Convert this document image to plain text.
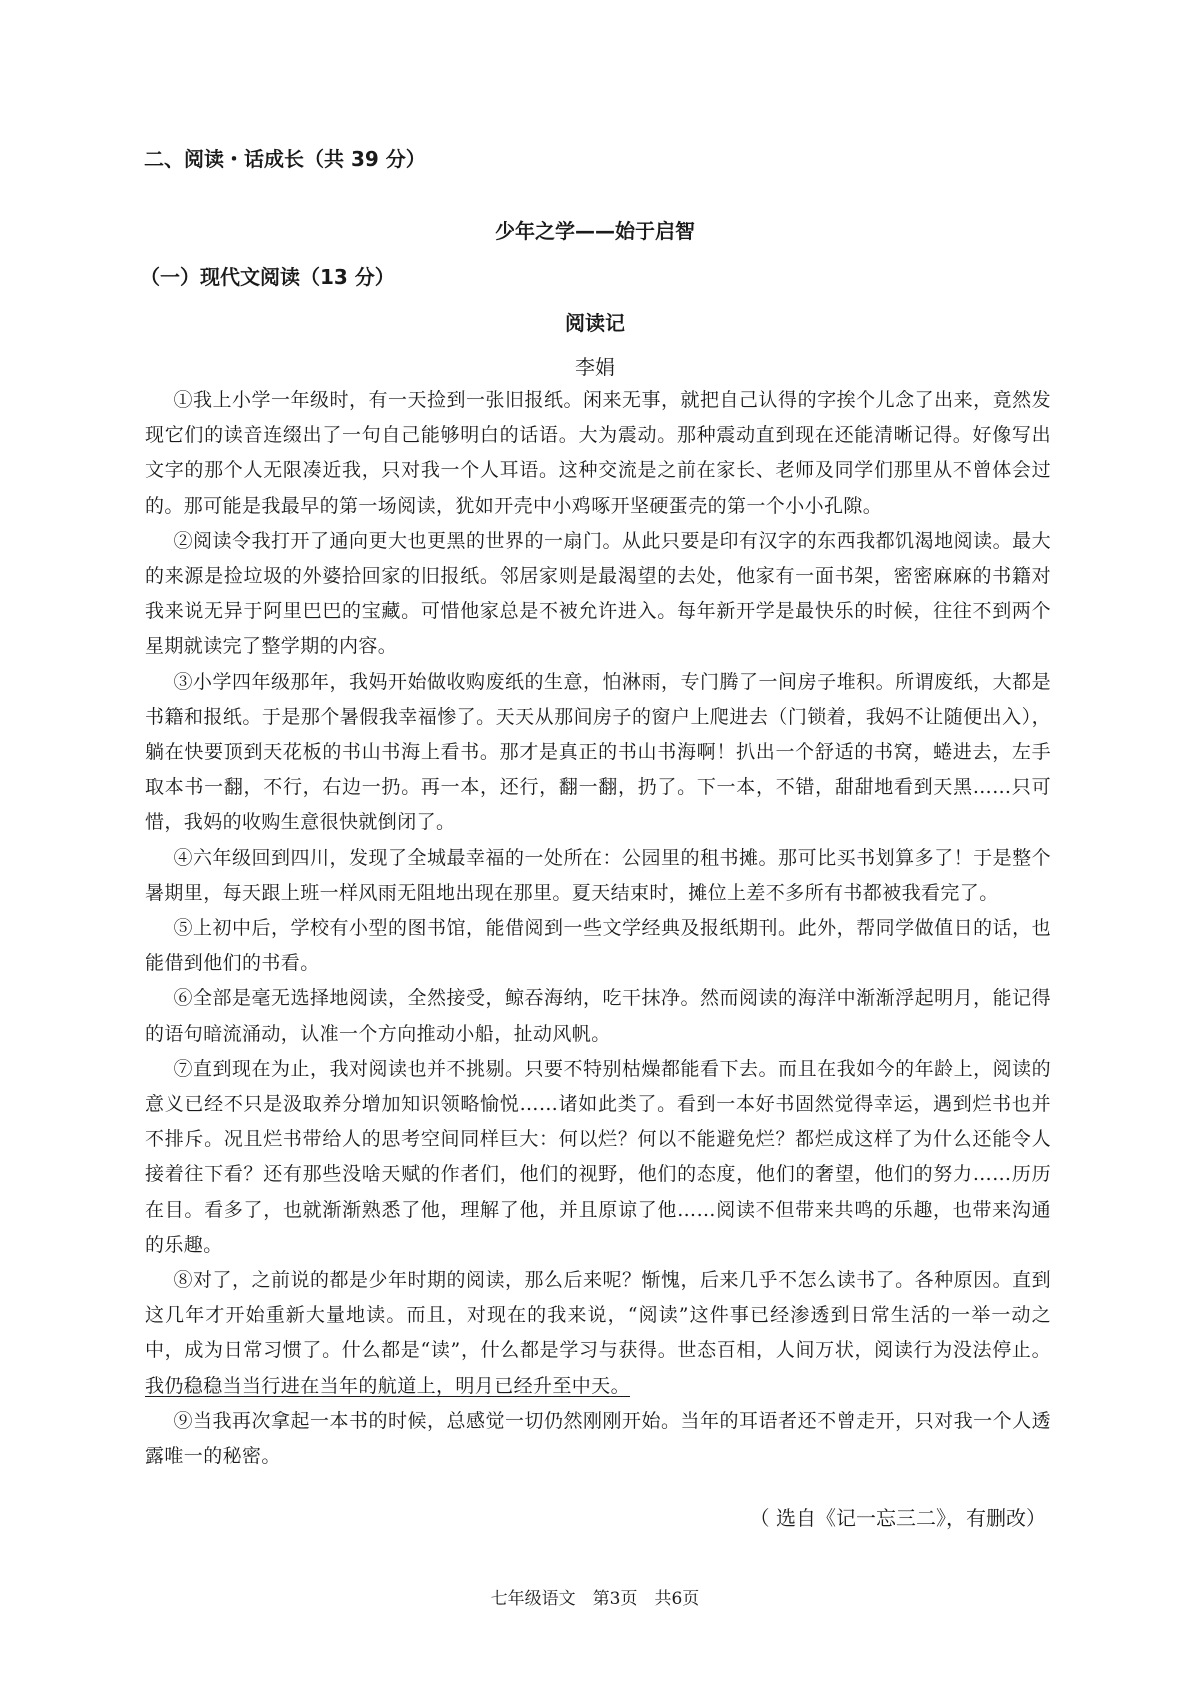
二、阅读・话成长（共 39 分）
少年之学——始于启智
（一）现代文阅读（13 分）
阅读记

李娟

①我上小学一年级时，有一天捡到一张旧报纸。闲来无事，就把自己认得的字挨个儿念了出来，竟然发现它们的读音连缀出了一句自己能够明白的话语。大为震动。那种震动直到现在还能清晰记得。好像写出文字的那个人无限凑近我，只对我一个人耳语。这种交流是之前在家长、老师及同学们那里从不曾体会过的。那可能是我最早的第一场阅读，犹如开壳中小鸡啄开坚硬蛋壳的第一个小小孔隙。

②阅读令我打开了通向更大也更黑的世界的一扇门。从此只要是印有汉字的东西我都饥渴地阅读。最大的来源是捡垃圾的外婆拾回家的旧报纸。邻居家则是最渴望的去处，他家有一面书架，密密麻麻的书籍对我来说无异于阿里巴巴的宝藏。可惜他家总是不被允许进入。每年新开学是最快乐的时候，往往不到两个星期就读完了整学期的内容。

③小学四年级那年，我妈开始做收购废纸的生意，怕淋雨，专门腾了一间房子堆积。所谓废纸，大都是书籍和报纸。于是那个暑假我幸福惨了。天天从那间房子的窗户上爬进去（门锁着，我妈不让随便出入），躺在快要顶到天花板的书山书海上看书。那才是真正的书山书海啊！扒出一个舒适的书窝，蜷进去，左手取本书一翻，不行，右边一扔。再一本，还行，翻一翻，扔了。下一本，不错，甜甜地看到天黑……只可惜，我妈的收购生意很快就倒闭了。

④六年级回到四川，发现了全城最幸福的一处所在：公园里的租书摊。那可比买书划算多了！于是整个暑期里，每天跟上班一样风雨无阻地出现在那里。夏天结束时，摊位上差不多所有书都被我看完了。

⑤上初中后，学校有小型的图书馆，能借阅到一些文学经典及报纸期刊。此外，帮同学做值日的话，也能借到他们的书看。

⑥全部是毫无选择地阅读，全然接受，鲸吞海纳，吃干抹净。然而阅读的海洋中渐渐浮起明月，能记得的语句暗流涌动，认准一个方向推动小船，扯动风帆。

⑦直到现在为止，我对阅读也并不挑剔。只要不特别枯燥都能看下去。而且在我如今的年龄上，阅读的意义已经不只是汲取养分增加知识领略愉悦……诸如此类了。看到一本好书固然觉得幸运，遇到烂书也并不排斥。况且烂书带给人的思考空间同样巨大：何以烂？何以不能避免烂？都烂成这样了为什么还能令人接着往下看？还有那些没啥天赋的作者们，他们的视野，他们的态度，他们的奢望，他们的努力……历历在目。看多了，也就渐渐熟悉了他，理解了他，并且原谅了他……阅读不但带来共鸣的乐趣，也带来沟通的乐趣。

⑧对了，之前说的都是少年时期的阅读，那么后来呢？惭愧，后来几乎不怎么读书了。各种原因。直到这几年才开始重新大量地读。而且，对现在的我来说，“阅读”这件事已经渗透到日常生活的一举一动之中，成为日常习惯了。什么都是“读”，什么都是学习与获得。世态百相，人间万状，阅读行为没法停止。我仍稳稳当当行进在当年的航道上，明月已经升至中天。

⑨当我再次拿起一本书的时候，总感觉一切仍然刚刚开始。当年的耳语者还不曾走开，只对我一个人透露唯一的秘密。

（ 选自《记一忘三二》，有删改）

七年级语文　第3页　共6页
